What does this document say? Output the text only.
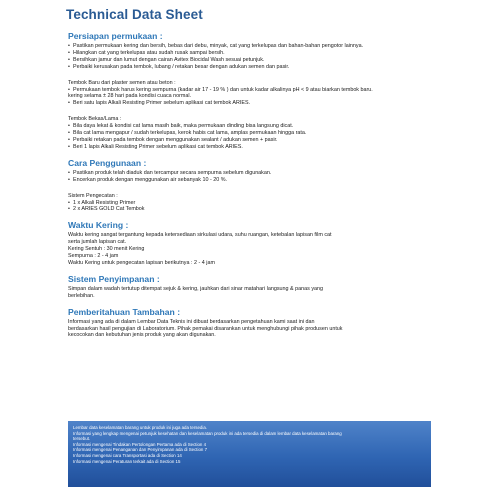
Technical Data Sheet
Persiapan permukaan :
• Pastikan permukaan kering dan bersih, bebas dari debu, minyak, cat yang terkelupas dan bahan-bahan pengotor lainnya.
• Hilangkan cat yang terkelupas atau sudah rusak sampai bersih.
• Bersihkan jamur dan lumut dengan cairan Avitex Biocidal Wash sesuai petunjuk.
• Perbaiki kerusakan pada tembok, lubang / retakan besar dengan adukan semen dan pasir.
Tembok Baru dari plaster semen atau beton :
• Permukaan tembok harus kering sempurna (kadar air 17 - 19 % ) dan untuk kadar alkalinya pH < 9 atau biarkan tembok baru.
kering selama ± 28 hari pada kondisi cuaca normal.
• Beri satu lapis Alkali Resisting Primer sebelum aplikasi cat tembok ARIES.
Tembok Bekas/Lama :
• Bila daya lekat & kondisi cat lama masih baik, maka permukaan dinding bisa langsung dicat.
• Bila cat lama mengapur / sudah terkelupas, kerok habis cat lama, amplas permukaan hingga rata.
• Perbaiki retakan pada tembok dengan menggunakan sealant / adukan semen + pasir.
• Beri 1 lapis Alkali Resisting Primer sebelum aplikasi cat tembok ARIES.
Cara Penggunaan :
• Pastikan produk telah diaduk dan tercampur secara sempurna sebelum digunakan.
• Encerkan produk dengan menggunakan air sebanyak 10 - 20 %.
Sistem Pengecatan :
• 1 x Alkali Resisting Primer
• 2 x ARIES GOLD Cat Tembok
Waktu Kering :
Waktu kering sangat tergantung kepada ketersediaan sirkulasi udara, suhu ruangan, ketebalan lapisan film cat
serta jumlah lapisan cat.
Kering Sentuh : 30 menit Kering
Sempurna : 2 - 4 jam
Waktu Kering untuk pengecatan lapisan berikutnya : 2 - 4 jam
Sistem Penyimpanan :
Simpan dalam wadah tertutup ditempat sejuk & kering, jauhkan dari sinar matahari langsung & panas yang
berlebihan.
Pemberitahuan Tambahan :
Informasi yang ada di dalam Lembar Data Teknis ini dibuat berdasarkan pengetahuan kami saat ini dan
berdasarkan hasil pengujian di Laboratorium. Pihak pemakai disarankan untuk menghubungi pihak produsen untuk
kecocokan dan kebutuhan jenis produk yang akan digunakan.
Lembar data keselamatan barang untuk produk ini juga ada tersedia.
Informasi yang lengkap mengenai petunjuk kesehatan dan keselamatan produk ini ada tersedia di dalam lembar data keselamatan barang
tersebut.
Informasi mengenai Tindakan Pertolongan Pertama ada di Section 4
Informasi mengenai Penanganan dan Penyimpanan ada di Section 7
Informasi mengenai cara Transportasi ada di Section 14
Informasi mengenai Peraturan terkait ada di Section 15
